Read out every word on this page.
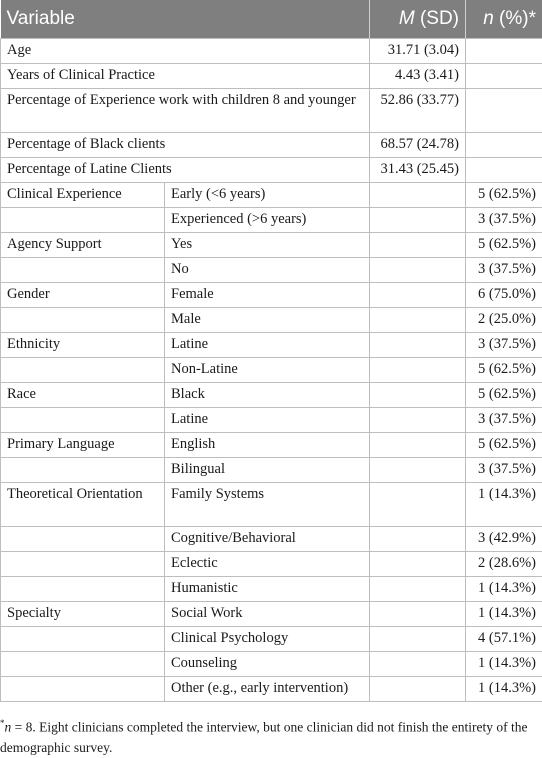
Variable		M (SD)	n (%)*
Age		31.71 (3.04)	
Years of Clinical Practice		4.43 (3.41)	
Percentage of Experience work with children 8 and younger		52.86 (33.77)	
Percentage of Black clients		68.57 (24.78)	
Percentage of Latine Clients		31.43 (25.45)	
Clinical Experience	Early (<6 years)		5 (62.5%)
	Experienced (>6 years)		3 (37.5%)
Agency Support	Yes		5 (62.5%)
	No		3 (37.5%)
Gender	Female		6 (75.0%)
	Male		2 (25.0%)
Ethnicity	Latine		3 (37.5%)
	Non-Latine		5 (62.5%)
Race	Black		5 (62.5%)
	Latine		3 (37.5%)
Primary Language	English		5 (62.5%)
	Bilingual		3 (37.5%)
Theoretical Orientation	Family Systems		1 (14.3%)
	Cognitive/Behavioral		3 (42.9%)
	Eclectic		2 (28.6%)
	Humanistic		1 (14.3%)
Specialty	Social Work		1 (14.3%)
	Clinical Psychology		4 (57.1%)
	Counseling		1 (14.3%)
	Other (e.g., early intervention)		1 (14.3%)
*n = 8. Eight clinicians completed the interview, but one clinician did not finish the entirety of the demographic survey.
